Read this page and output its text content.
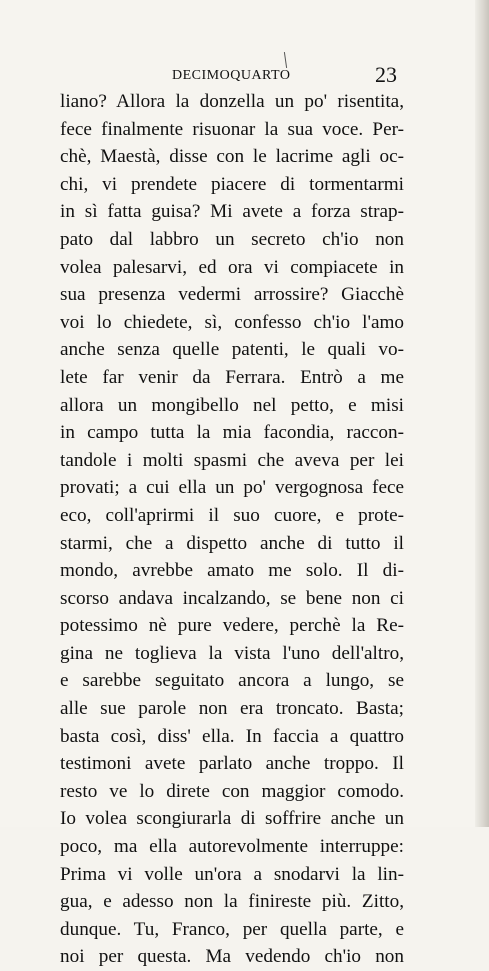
DECIMOQUARTO	23
liano? Allora la donzella un po' risentita,
fece finalmente risuonar la sua voce. Per-
chè, Maestà, disse con le lacrime agli oc-
chi, vi prendete piacere di tormentarmi
in sì fatta guisa? Mi avete a forza strap-
pato dal labbro un secreto ch'io non
volea palesarvi, ed ora vi compiacete in
sua presenza vedermi arrossire? Giacchè
voi lo chiedete, sì, confesso ch'io l'amo
anche senza quelle patenti, le quali vo-
lete far venir da Ferrara. Entrò a me
allora un mongibello nel petto, e misi
in campo tutta la mia facondia, raccon-
tandole i molti spasmi che aveva per lei
provati; a cui ella un po' vergognosa fece
eco, coll'aprirmi il suo cuore, e prote-
starmi, che a dispetto anche di tutto il
mondo, avrebbe amato me solo. Il di-
scorso andava incalzando, se bene non ci
potessimo nè pure vedere, perchè la Re-
gina ne toglieva la vista l'uno dell'altro,
e sarebbe seguitato ancora a lungo, se
alle sue parole non era troncato. Basta;
basta così, diss' ella. In faccia a quattro
testimoni avete parlato anche troppo. Il
resto ve lo direte con maggior comodo.
Io volea scongiurarla di soffrire anche un
poco, ma ella autorevolmente interruppe:
Prima vi volle un'ora a snodarvi la lin-
gua, e adesso non la finireste più. Zitto,
dunque. Tu, Franco, per quella parte, e
noi per questa. Ma vedendo ch'io non
